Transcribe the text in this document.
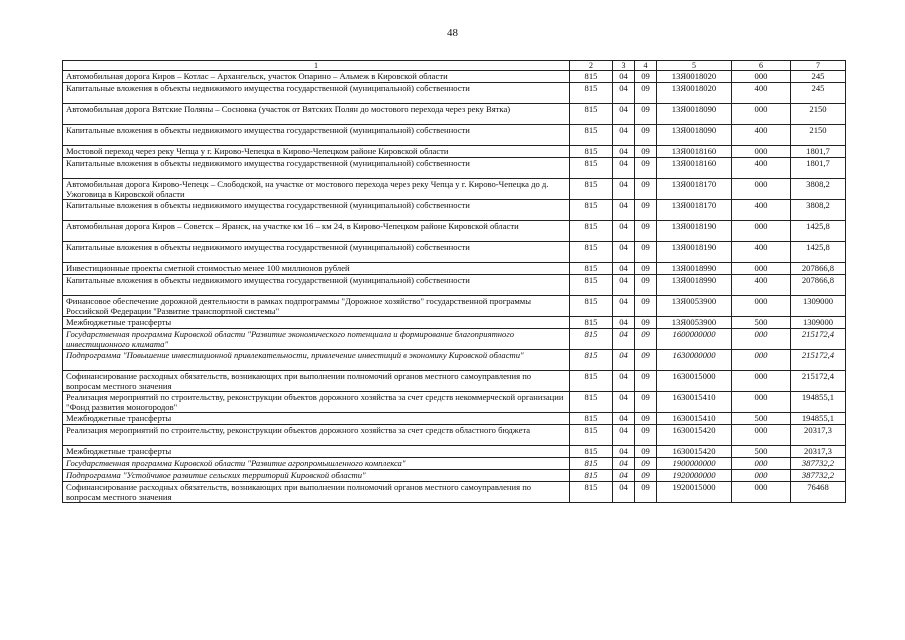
48
1	2	3	4	5	6	7
Автомобильная дорога Киров – Котлас – Архангельск, участок Опарино – Альмеж в Кировской области	815	04	09	13Я0018020	000	245
Капитальные вложения в объекты недвижимого имущества государственной (муниципальной) собственности	815	04	09	13Я0018020	400	245
Автомобильная дорога Вятские Поляны – Сосновка (участок от Вятских Полян до мостового перехода через реку Вятка)	815	04	09	13Я0018090	000	2150
Капитальные вложения в объекты недвижимого имущества государственной (муниципальной) собственности	815	04	09	13Я0018090	400	2150
Мостовой переход через реку Чепца у г. Кирово-Чепецка в Кирово-Чепецком районе Кировской области	815	04	09	13Я0018160	000	1801,7
Капитальные вложения в объекты недвижимого имущества государственной (муниципальной) собственности	815	04	09	13Я0018160	400	1801,7
Автомобильная дорога Кирово-Чепецк – Слободской, на участке от мостового перехода через реку Чепца у г. Кирово-Чепецка до д. Ужоговица в Кировской области	815	04	09	13Я0018170	000	3808,2
Капитальные вложения в объекты недвижимого имущества государственной (муниципальной) собственности	815	04	09	13Я0018170	400	3808,2
Автомобильная дорога Киров – Советск – Яранск, на участке км 16 – км 24, в Кирово-Чепецком районе Кировской области	815	04	09	13Я0018190	000	1425,8
Капитальные вложения в объекты недвижимого имущества государственной (муниципальной) собственности	815	04	09	13Я0018190	400	1425,8
Инвестиционные проекты сметной стоимостью менее 100 миллионов рублей	815	04	09	13Я0018990	000	207866,8
Капитальные вложения в объекты недвижимого имущества государственной (муниципальной) собственности	815	04	09	13Я0018990	400	207866,8
Финансовое обеспечение дорожной деятельности в рамках подпрограммы "Дорожное хозяйство" государственной программы Российской Федерации "Развитие транспортной системы"	815	04	09	13Я0053900	000	1309000
Межбюджетные трансферты	815	04	09	13Я0053900	500	1309000
Государственная программа Кировской области "Развитие экономического потенциала и формирование благоприятного инвестиционного климата"	815	04	09	1600000000	000	215172,4
Подпрограмма "Повышение инвестиционной привлекательности, привлечение инвестиций в экономику Кировской области"	815	04	09	1630000000	000	215172,4
Софинансирование расходных обязательств, возникающих при выполнении полномочий органов местного самоуправления по вопросам местного значения	815	04	09	1630015000	000	215172,4
Реализация мероприятий по строительству, реконструкции объектов дорожного хозяйства за счет средств некоммерческой организации "Фонд развития моногородов"	815	04	09	1630015410	000	194855,1
Межбюджетные трансферты	815	04	09	1630015410	500	194855,1
Реализация мероприятий по строительству, реконструкции объектов дорожного хозяйства за счет средств областного бюджета	815	04	09	1630015420	000	20317,3
Межбюджетные трансферты	815	04	09	1630015420	500	20317,3
Государственная программа Кировской области "Развитие агропромышленного комплекса"	815	04	09	1900000000	000	387732,2
Подпрограмма "Устойчивое развитие сельских территорий Кировской области"	815	04	09	1920000000	000	387732,2
Софинансирование расходных обязательств, возникающих при выполнении полномочий органов местного самоуправления по вопросам местного значения	815	04	09	1920015000	000	76468
